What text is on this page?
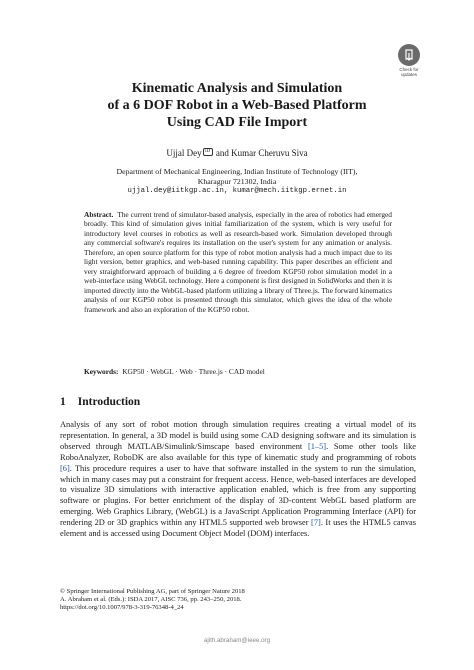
Check for
updates
Kinematic Analysis and Simulation
of a 6 DOF Robot in a Web-Based Platform
Using CAD File Import
Ujjal Dey iD and Kumar Cheruvu Siva
Department of Mechanical Engineering, Indian Institute of Technology (IIT),
Kharagpur 721302, India
ujjal.dey@iitkgp.ac.in, kumar@mech.iitkgp.ernet.in
Abstract. The current trend of simulator-based analysis, especially in the area of robotics had emerged broadly. This kind of simulation gives initial familiarization of the system, which is very useful for introductory level courses in robotics as well as research-based work. Simulation developed through any commercial software's requires its installation on the user's system for any animation or analysis. Therefore, an open source platform for this type of robot motion analysis had a much impact due to its light version, better graphics, and web-based running capability. This paper describes an efficient and very straightforward approach of building a 6 degree of freedom KGP50 robot simulation model in a web-interface using WebGL technology. Here a component is first designed in SolidWorks and then it is imported directly into the WebGL-based platform utilizing a library of Three.js. The forward kinematics analysis of our KGP50 robot is presented through this simulator, which gives the idea of the whole framework and also an exploration of the KGP50 robot.
Keywords: KGP50 · WebGL · Web · Three.js · CAD model
1 Introduction
Analysis of any sort of robot motion through simulation requires creating a virtual model of its representation. In general, a 3D model is build using some CAD designing software and its simulation is observed through MATLAB/Simulink/Simscape based environment [1–5]. Some other tools like RoboAnalyzer, RoboDK are also available for this type of kinematic study and programming of robots [6]. This procedure requires a user to have that software installed in the system to run the simulation, which in many cases may put a constraint for frequent access. Hence, web-based interfaces are developed to visualize 3D simulations with interactive application enabled, which is free from any supporting software or plugins. For better enrichment of the display of 3D-content WebGL based platform are emerging. Web Graphics Library, (WebGL) is a JavaScript Application Programming Interface (API) for rendering 2D or 3D graphics within any HTML5 supported web browser [7]. It uses the HTML5 canvas element and is accessed using Document Object Model (DOM) interfaces.
© Springer International Publishing AG, part of Springer Nature 2018
A. Abraham et al. (Eds.): ISDA 2017, AISC 736, pp. 243–250, 2018.
https://doi.org/10.1007/978-3-319-76348-4_24
ajith.abraham@ieee.org
